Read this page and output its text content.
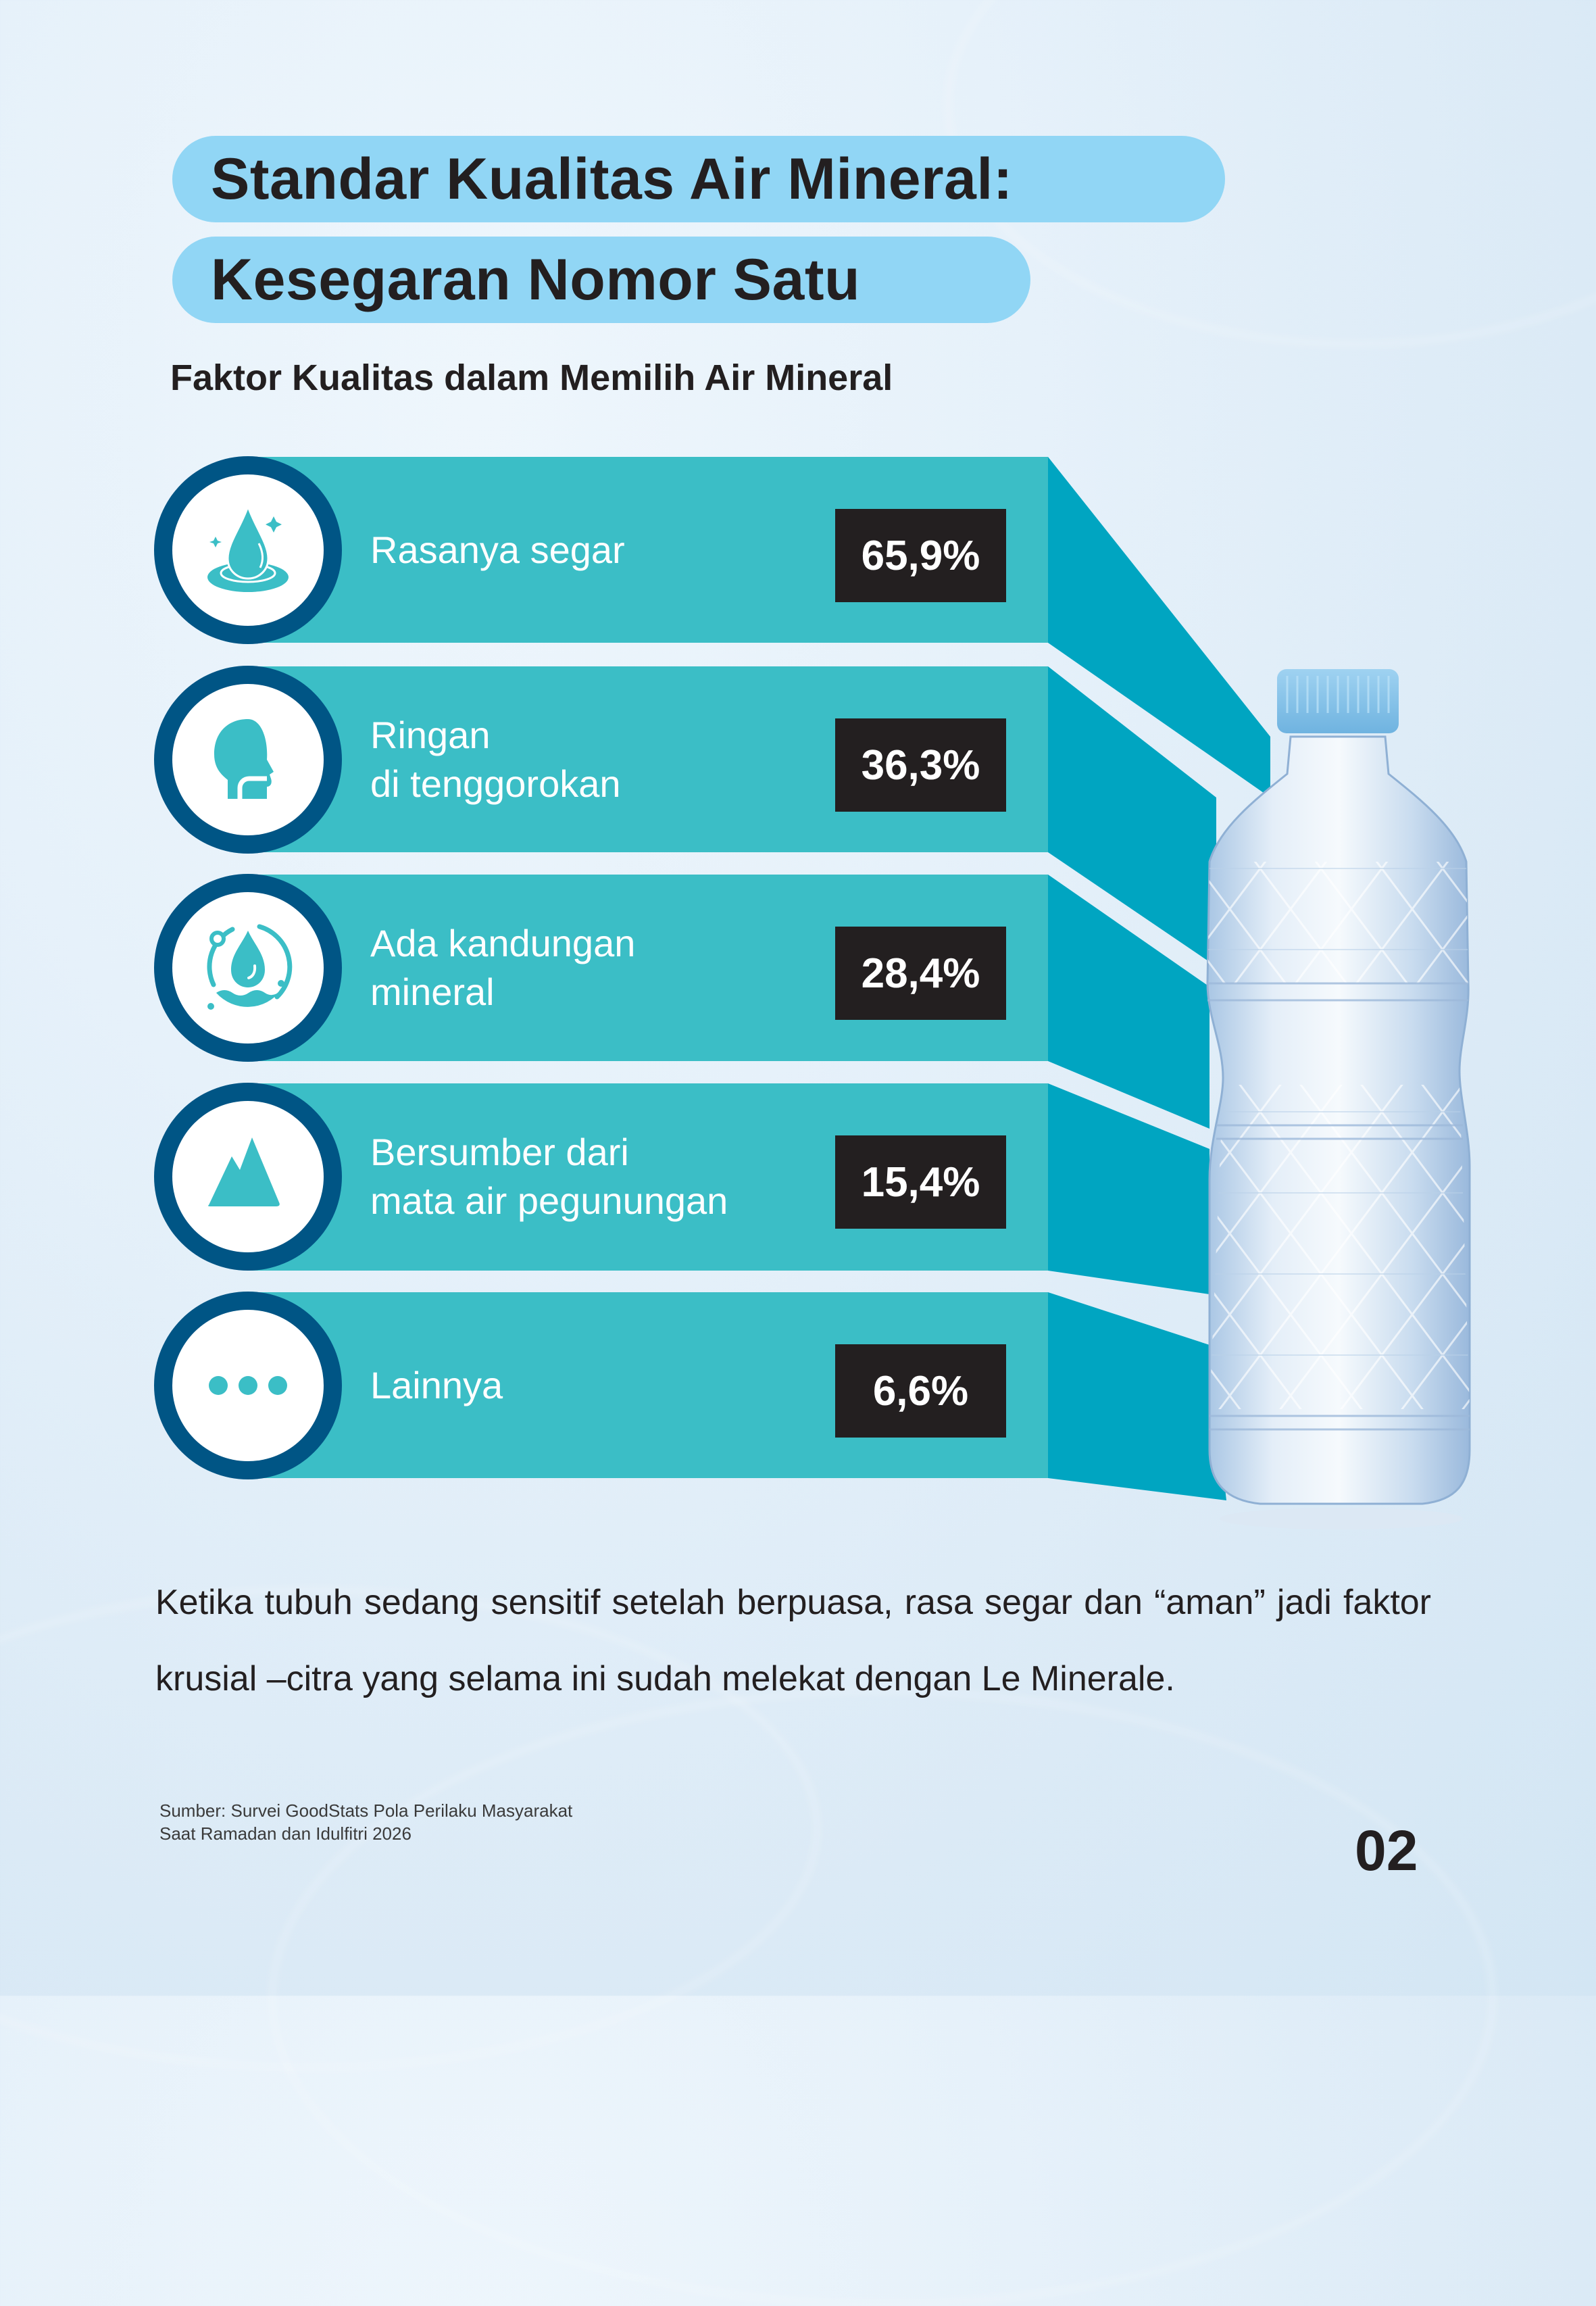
Standar Kualitas Air Mineral:
Kesegaran Nomor Satu
Faktor Kualitas dalam Memilih Air Mineral
Rasanya segar	65,9%
Ringan
di tenggorokan	36,3%
Ada kandungan
mineral	28,4%
Bersumber dari
mata air pegunungan	15,4%
Lainnya	6,6%
Ketika tubuh sedang sensitif setelah berpuasa, rasa segar dan “aman” jadi faktor krusial –citra yang selama ini sudah melekat dengan Le Minerale.
Sumber: Survei GoodStats Pola Perilaku Masyarakat
Saat Ramadan dan Idulfitri 2026	02
